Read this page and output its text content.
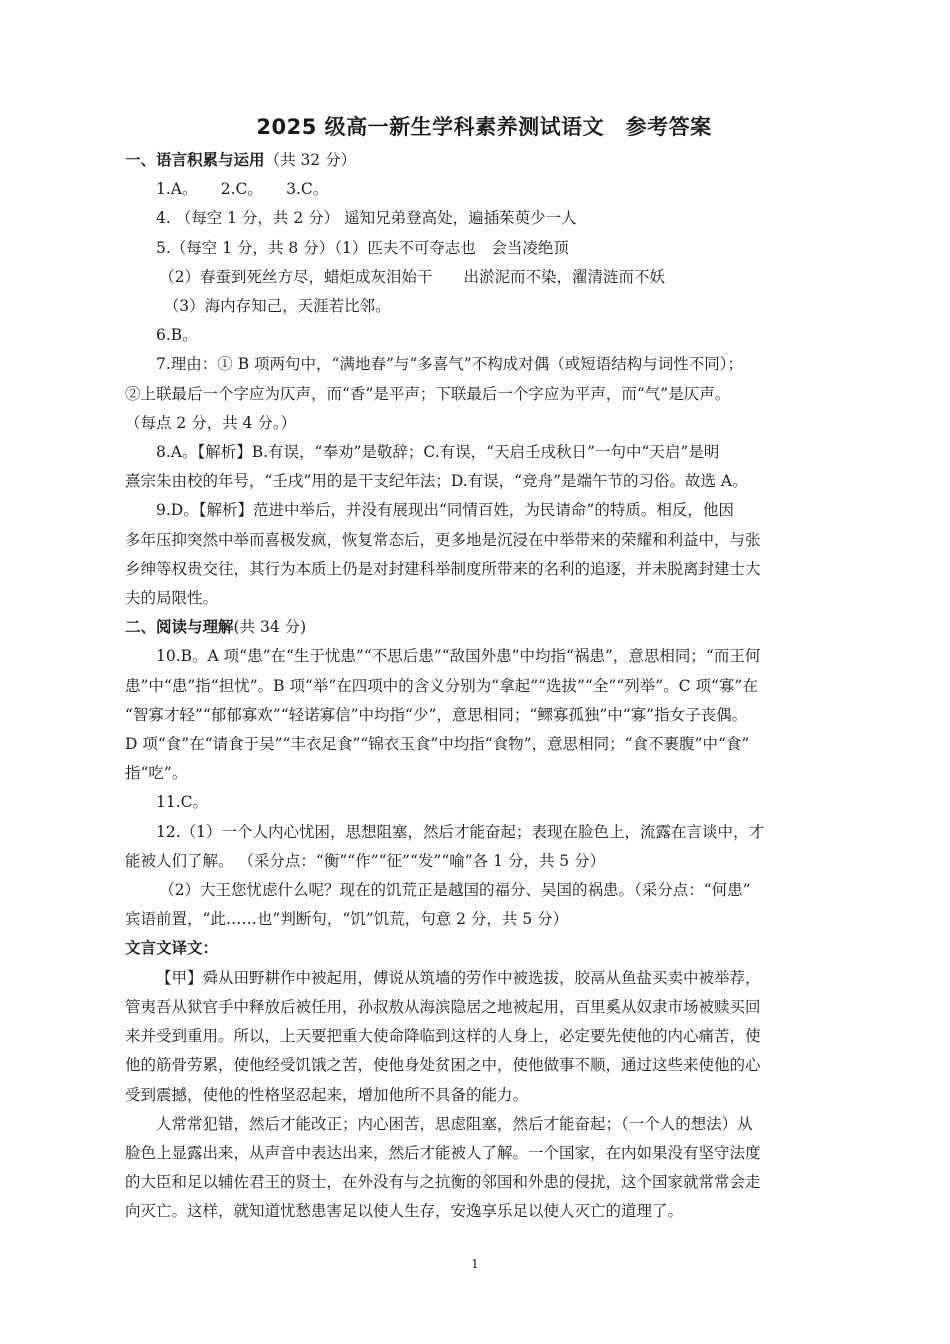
2025 级高一新生学科素养测试语文　参考答案

一、语言积累与运用（共 32 分）

1.A。　　2.C。　　3.C。

4. （每空 1 分，共 2 分） 遥知兄弟登高处，遍插茱萸少一人

5.（每空 1 分，共 8 分）（1）匹夫不可夺志也　会当凌绝顶

（2）春蚕到死丝方尽，蜡炬成灰泪始干　　出淤泥而不染，濯清涟而不妖

（3）海内存知己，天涯若比邻。

6.B。

7.理由：① B 项两句中，“满地春”与“多喜气”不构成对偶（或短语结构与词性不同）；

②上联最后一个字应为仄声，而“香”是平声；下联最后一个字应为平声，而“气”是仄声。

（每点 2 分，共 4 分。）

8.A。【解析】B.有误，“奉劝”是敬辞；C.有误，“天启壬戌秋日”一句中“天启”是明

熹宗朱由校的年号，“壬戌”用的是干支纪年法；D.有误，“竞舟”是端午节的习俗。故选 A。

9.D。【解析】范进中举后，并没有展现出“同情百姓，为民请命”的特质。相反，他因

多年压抑突然中举而喜极发疯，恢复常态后，更多地是沉浸在中举带来的荣耀和利益中，与张

乡绅等权贵交往，其行为本质上仍是对封建科举制度所带来的名利的追逐，并未脱离封建士大

夫的局限性。

二、阅读与理解(共 34 分)

10.B。A 项“患”在“生于忧患”“不思后患”“敌国外患”中均指“祸患”，意思相同；“而王何

患”中“患”指“担忧”。B 项“举”在四项中的含义分别为“拿起”“选拔”“全”“列举”。C 项“寡”在

“智寡才轻”“郁郁寡欢”“轻诺寡信”中均指“少”，意思相同；“鳏寡孤独”中“寡”指女子丧偶。

D 项“食”在“请食于吴”“丰衣足食”“锦衣玉食”中均指“食物”，意思相同；“食不裹腹”中“食”

指“吃”。

11.C。

12.（1）一个人内心忧困，思想阻塞，然后才能奋起；表现在脸色上，流露在言谈中，才

能被人们了解。 （采分点：“衡”“作”“征”“发”“喻”各 1 分，共 5 分）

（2）大王您忧虑什么呢？现在的饥荒正是越国的福分、吴国的祸患。（采分点：“何患”

宾语前置，“此……也”判断句，“饥”饥荒，句意 2 分，共 5 分）

文言文译文：

【甲】舜从田野耕作中被起用，傅说从筑墙的劳作中被选拔，胶鬲从鱼盐买卖中被举荐，

管夷吾从狱官手中释放后被任用，孙叔敖从海滨隐居之地被起用，百里奚从奴隶市场被赎买回

来并受到重用。所以，上天要把重大使命降临到这样的人身上，必定要先使他的内心痛苦，使

他的筋骨劳累，使他经受饥饿之苦，使他身处贫困之中，使他做事不顺，通过这些来使他的心

受到震撼，使他的性格坚忍起来，增加他所不具备的能力。

人常常犯错，然后才能改正；内心困苦，思虑阻塞，然后才能奋起；（一个人的想法）从

脸色上显露出来，从声音中表达出来，然后才能被人了解。一个国家，在内如果没有坚守法度

的大臣和足以辅佐君王的贤士，在外没有与之抗衡的邻国和外患的侵扰，这个国家就常常会走

向灭亡。这样，就知道忧愁患害足以使人生存，安逸享乐足以使人灭亡的道理了。

1
